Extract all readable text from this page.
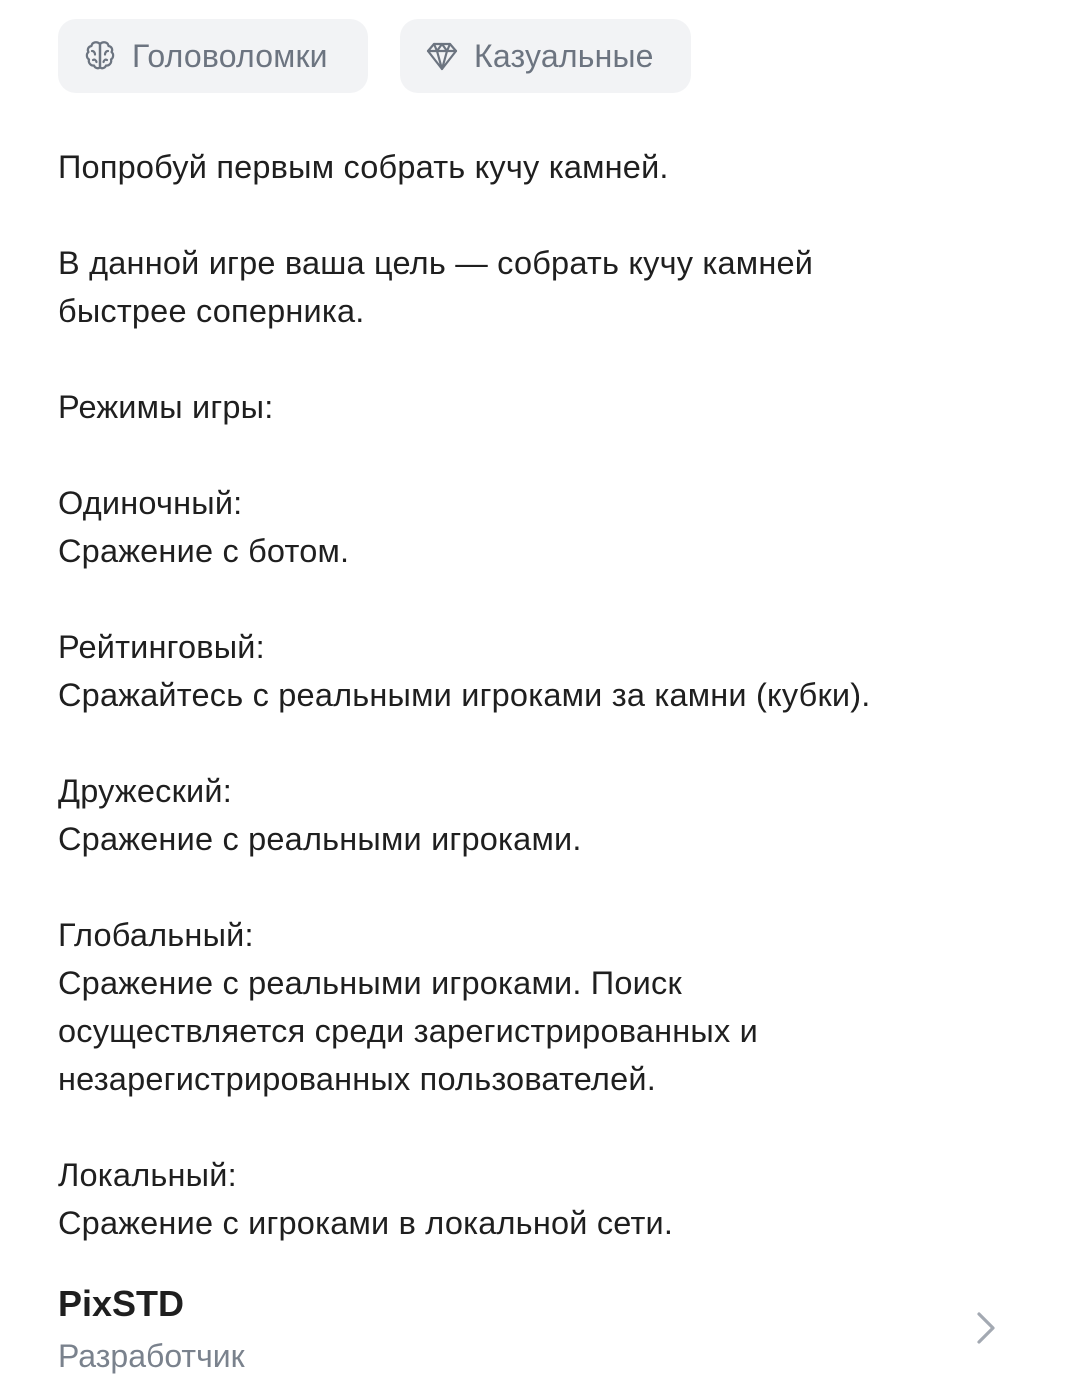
Головоломки	Казуальные

Попробуй первым собрать кучу камней.

В данной игре ваша цель — собрать кучу камней
быстрее соперника.

Режимы игры:

Одиночный:
Сражение с ботом.

Рейтинговый:
Сражайтесь с реальными игроками за камни (кубки).

Дружеский:
Сражение с реальными игроками.

Глобальный:
Сражение с реальными игроками. Поиск
осуществляется среди зарегистрированных и
незарегистрированных пользователей.

Локальный:
Сражение с игроками в локальной сети.

PixSTD
Разработчик
